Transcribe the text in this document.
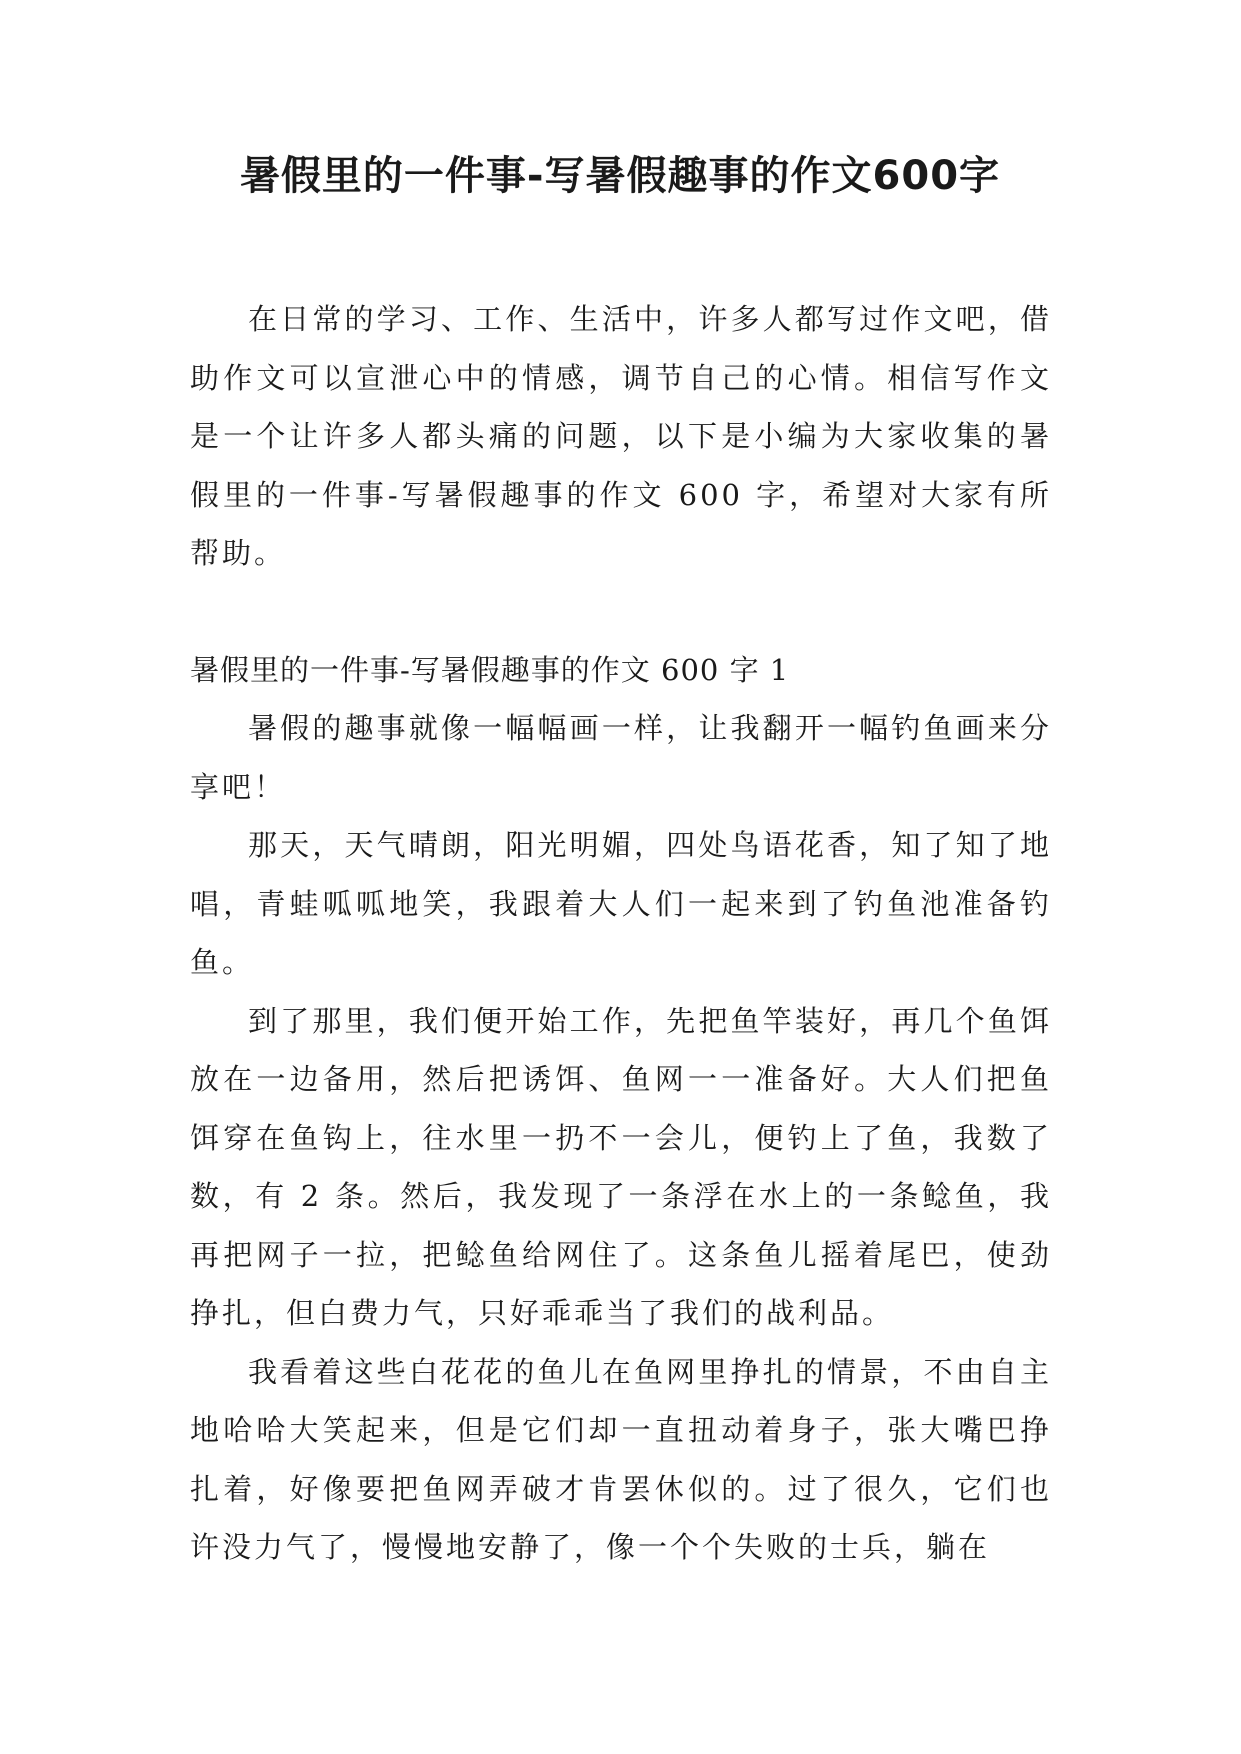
暑假里的一件事-写暑假趣事的作文600字

在日常的学习、工作、生活中，许多人都写过作文吧，借助作文可以宣泄心中的情感，调节自己的心情。相信写作文是一个让许多人都头痛的问题，以下是小编为大家收集的暑假里的一件事-写暑假趣事的作文 600 字，希望对大家有所帮助。

暑假里的一件事-写暑假趣事的作文 600 字 1

暑假的趣事就像一幅幅画一样，让我翻开一幅钓鱼画来分享吧！

那天，天气晴朗，阳光明媚，四处鸟语花香，知了知了地唱，青蛙呱呱地笑，我跟着大人们一起来到了钓鱼池准备钓鱼。

到了那里，我们便开始工作，先把鱼竿装好，再几个鱼饵放在一边备用，然后把诱饵、鱼网一一准备好。大人们把鱼饵穿在鱼钩上，往水里一扔不一会儿，便钓上了鱼，我数了数，有 2 条。然后，我发现了一条浮在水上的一条鲶鱼，我再把网子一拉，把鲶鱼给网住了。这条鱼儿摇着尾巴，使劲挣扎，但白费力气，只好乖乖当了我们的战利品。

我看着这些白花花的鱼儿在鱼网里挣扎的情景，不由自主地哈哈大笑起来，但是它们却一直扭动着身子，张大嘴巴挣扎着，好像要把鱼网弄破才肯罢休似的。过了很久，它们也许没力气了，慢慢地安静了，像一个个失败的士兵，躺在
